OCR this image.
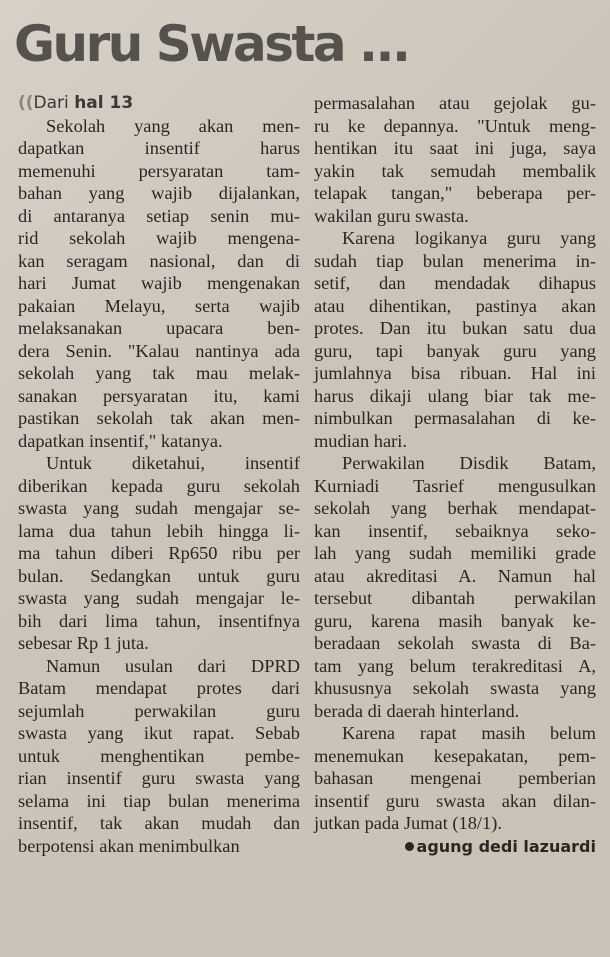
Guru Swasta ...
((Dari hal 13
Sekolah yang akan men-
dapatkan insentif harus
memenuhi persyaratan tam-
bahan yang wajib dijalankan,
di antaranya setiap senin mu-
rid sekolah wajib mengena-
kan seragam nasional, dan di
hari Jumat wajib mengenakan
pakaian Melayu, serta wajib
melaksanakan upacara ben-
dera Senin. "Kalau nantinya ada
sekolah yang tak mau melak-
sanakan persyaratan itu, kami
pastikan sekolah tak akan men-
dapatkan insentif," katanya.
Untuk diketahui, insentif
diberikan kepada guru sekolah
swasta yang sudah mengajar se-
lama dua tahun lebih hingga li-
ma tahun diberi Rp650 ribu per
bulan. Sedangkan untuk guru
swasta yang sudah mengajar le-
bih dari lima tahun, insentifnya
sebesar Rp 1 juta.
Namun usulan dari DPRD
Batam mendapat protes dari
sejumlah perwakilan guru
swasta yang ikut rapat. Sebab
untuk menghentikan pembe-
rian insentif guru swasta yang
selama ini tiap bulan menerima
insentif, tak akan mudah dan
berpotensi akan menimbulkan
permasalahan atau gejolak gu-
ru ke depannya. "Untuk meng-
hentikan itu saat ini juga, saya
yakin tak semudah membalik
telapak tangan," beberapa per-
wakilan guru swasta.
Karena logikanya guru yang
sudah tiap bulan menerima in-
setif, dan mendadak dihapus
atau dihentikan, pastinya akan
protes. Dan itu bukan satu dua
guru, tapi banyak guru yang
jumlahnya bisa ribuan. Hal ini
harus dikaji ulang biar tak me-
nimbulkan permasalahan di ke-
mudian hari.
Perwakilan Disdik Batam,
Kurniadi Tasrief mengusulkan
sekolah yang berhak mendapat-
kan insentif, sebaiknya seko-
lah yang sudah memiliki grade
atau akreditasi A. Namun hal
tersebut dibantah perwakilan
guru, karena masih banyak ke-
beradaan sekolah swasta di Ba-
tam yang belum terakreditasi A,
khususnya sekolah swasta yang
berada di daerah hinterland.
Karena rapat masih belum
menemukan kesepakatan, pem-
bahasan mengenai pemberian
insentif guru swasta akan dilan-
jutkan pada Jumat (18/1).
agung dedi lazuardi
